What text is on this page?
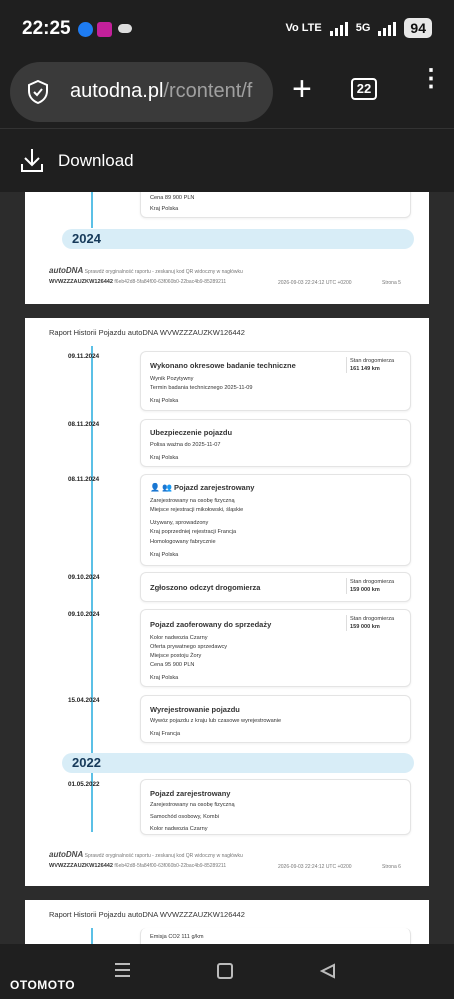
22:25	Vo LTE	5G	94
autodna.pl/rcontent/f	+	22 ⋮
Download
Cena 89 900 PLN
Kraj Polska
2024
autoDNA Sprawdź oryginalność raportu - zeskanuj kod QR widoczny w nagłówku
WVWZZZAUZKW126442 f6eb42d8-5fa84f00-63f060b0-22bac4b9-85289211	2026-09-03 22:24:12 UTC +0200	Strona 5
Raport Historii Pojazdu autoDNA WVWZZZAUZKW126442
09.11.2024
Wykonano okresowe badanie techniczne	Stan drogomierza
161 149 km
Wynik Pozytywny
Termin badania technicznego 2025-11-09
Kraj Polska
08.11.2024
Ubezpieczenie pojazdu
Polisa ważna do 2025-11-07
Kraj Polska
08.11.2024
👤 👥 Pojazd zarejestrowany
Zarejestrowany na osobę fizyczną
Miejsce rejestracji mikołowski, śląskie
Używany, sprowadzony
Kraj poprzedniej rejestracji Francja
Homologowany fabrycznie
Kraj Polska
09.10.2024
Zgłoszono odczyt drogomierza
Stan drogomierza
159 000 km
09.10.2024
Pojazd zaoferowany do sprzedaży
Stan drogomierza
159 000 km
Kolor nadwozia Czarny
Oferta prywatnego sprzedawcy
Miejsce postoju Żory
Cena 95 900 PLN
Kraj Polska
15.04.2024
Wyrejestrowanie pojazdu
Wywóz pojazdu z kraju lub czasowe wyrejestrowanie
Kraj Francja
2022
01.05.2022
Pojazd zarejestrowany
Zarejestrowany na osobę fizyczną
Samochód osobowy, Kombi
Kolor nadwozia Czarny
autoDNA Sprawdź oryginalność raportu - zeskanuj kod QR widoczny w nagłówku
WVWZZZAUZKW126442 f6eb42d8-5fa84f00-63f060b0-22bac4b9-85289211	2026-09-03 22:24:12 UTC +0200	Strona 6
Raport Historii Pojazdu autoDNA WVWZZZAUZKW126442
Emisja CO2 111 g/km
OTOMOTO
